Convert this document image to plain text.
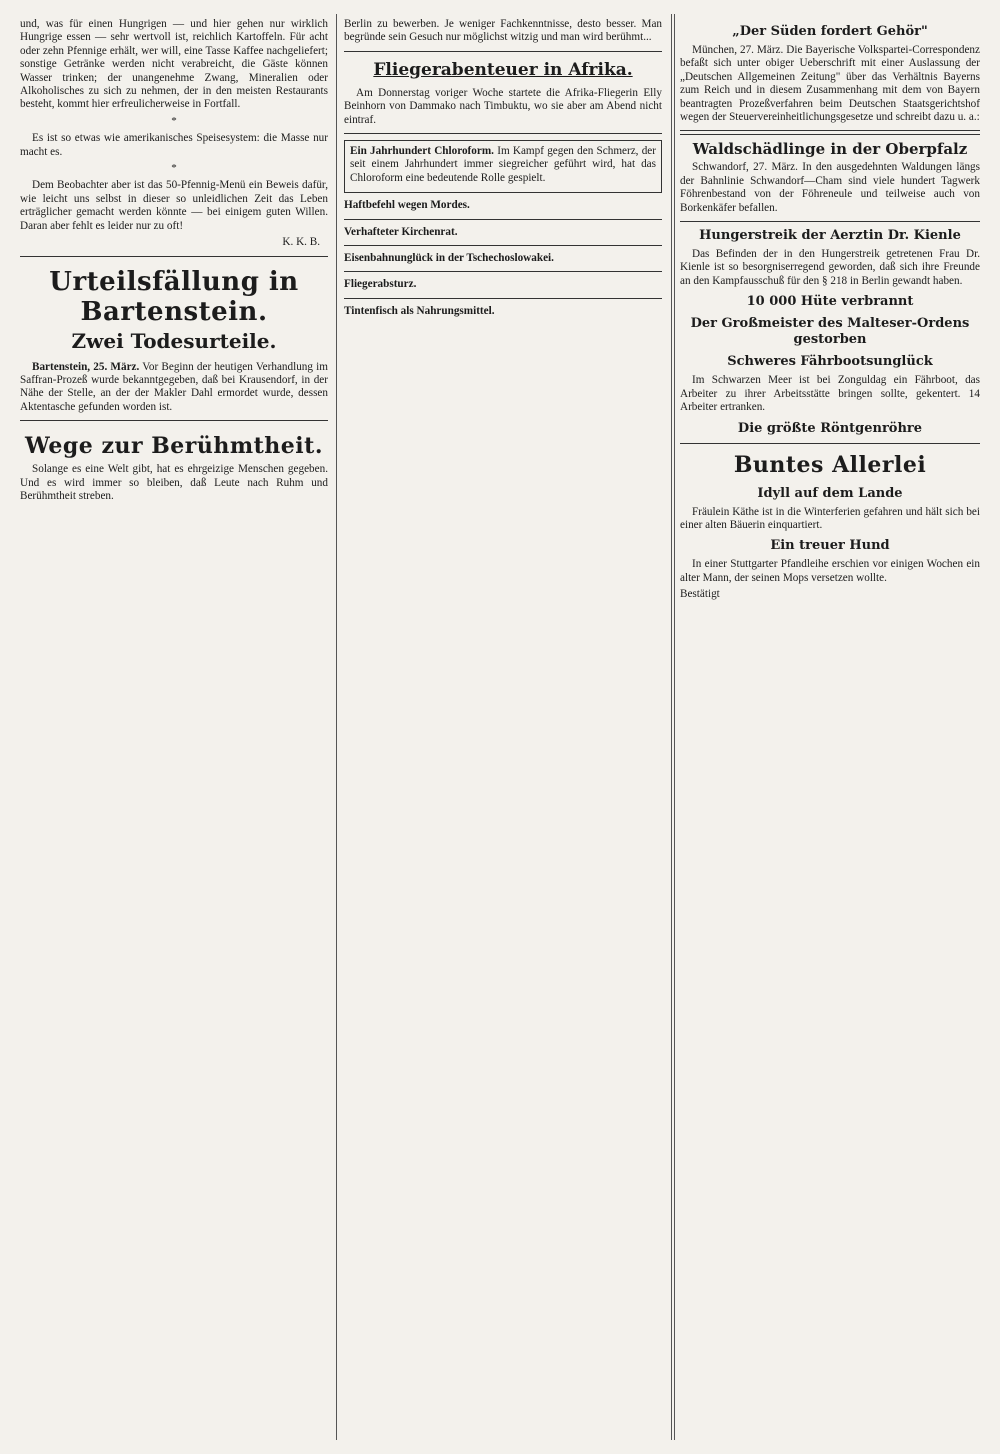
und, was für einen Hungrigen — und hier gehen nur wirklich Hungrige essen — sehr wertvoll ist, reichlich Kartoffeln. Für acht oder zehn Pfennige erhält, wer will, eine Tasse Kaffee nachgeliefert; sonstige Getränke werden nicht verabreicht, die Gäste können Wasser trinken; der unangenehme Zwang, Mineralien oder Alkoholisches zu sich zu nehmen, der in den meisten Restaurants besteht, kommt hier erfreulicherweise in Fortfall.

*

Es ist so etwas wie amerikanisches Speisesystem: die Masse nur macht es.

*

Dem Beobachter aber ist das 50-Pfennig-Menü ein Beweis dafür, wie leicht uns selbst in dieser so unleidlichen Zeit das Leben erträglicher gemacht werden könnte — bei einigem guten Willen. Daran aber fehlt es leider nur zu oft!

K. K. B.
Urteilsfällung in Bartenstein.
Zwei Todesurteile.

Bartenstein, 25. März. Vor Beginn der heutigen Verhandlung im Saffran-Prozeß wurde bekanntgegeben, daß bei Krausendorf, in der Nähe der Stelle, an der der Makler Dahl ermordet wurde, dessen Aktentasche gefunden worden ist.

Wege zur Berühmtheit.

Solange es eine Welt gibt, hat es ehrgeizige Menschen gegeben. Und es wird immer so bleiben, daß Leute nach Ruhm und Berühmtheit streben.

Berlin zu bewerben. Je weniger Fachkenntnisse, desto besser. Man begründe sein Gesuch nur möglichst witzig und man wird berühmt...

Fliegerabenteuer in Afrika.

Am Donnerstag voriger Woche startete die Afrika-Fliegerin Elly Beinhorn von Dammako nach Timbuktu, wo sie aber am Abend nicht eintraf.

Ein Jahrhundert Chloroform. Im Kampf gegen den Schmerz, der seit einem Jahrhundert immer siegreicher geführt wird, hat das Chloroform eine bedeutende Rolle gespielt.

Haftbefehl wegen Mordes.

Verhafteter Kirchenrat.

Eisenbahnunglück in der Tschechoslowakei.

Fliegerabsturz.

Tintenfisch als Nahrungsmittel.

„Der Süden fordert Gehör"

München, 27. März. Die Bayerische Volkspartei-Correspondenz befaßt sich unter obiger Ueberschrift mit einer Auslassung der „Deutschen Allgemeinen Zeitung" über das Verhältnis Bayerns zum Reich und in diesem Zusammenhang mit dem von Bayern beantragten Prozeßverfahren beim Deutschen Staatsgerichtshof wegen der Steuervereinheitlichungsgesetze und schreibt dazu u. a.:

Waldschädlinge in der Oberpfalz

Schwandorf, 27. März. In den ausgedehnten Waldungen längs der Bahnlinie Schwandorf—Cham sind viele hundert Tagwerk Föhrenbestand von der Föhreneule und teilweise auch von Borkenkäfer befallen.

Hungerstreik der Aerztin Dr. Kienle

Das Befinden der in den Hungerstreik getretenen Frau Dr. Kienle ist so besorgniserregend geworden, daß sich ihre Freunde an den Kampfausschuß für den § 218 in Berlin gewandt haben.

10 000 Hüte verbrannt

Der Großmeister des Malteser-Ordens gestorben

Schweres Fährbootsunglück

Im Schwarzen Meer ist bei Zonguldag ein Fährboot, das Arbeiter zu ihrer Arbeitsstätte bringen sollte, gekentert. 14 Arbeiter ertranken.

Die größte Röntgenröhre

Buntes Allerlei
Idyll auf dem Lande

Fräulein Käthe ist in die Winterferien gefahren und hält sich bei einer alten Bäuerin einquartiert.

Ein treuer Hund

In einer Stuttgarter Pfandleihe erschien vor einigen Wochen ein alter Mann, der seinen Mops versetzen wollte.

Bestätigt
